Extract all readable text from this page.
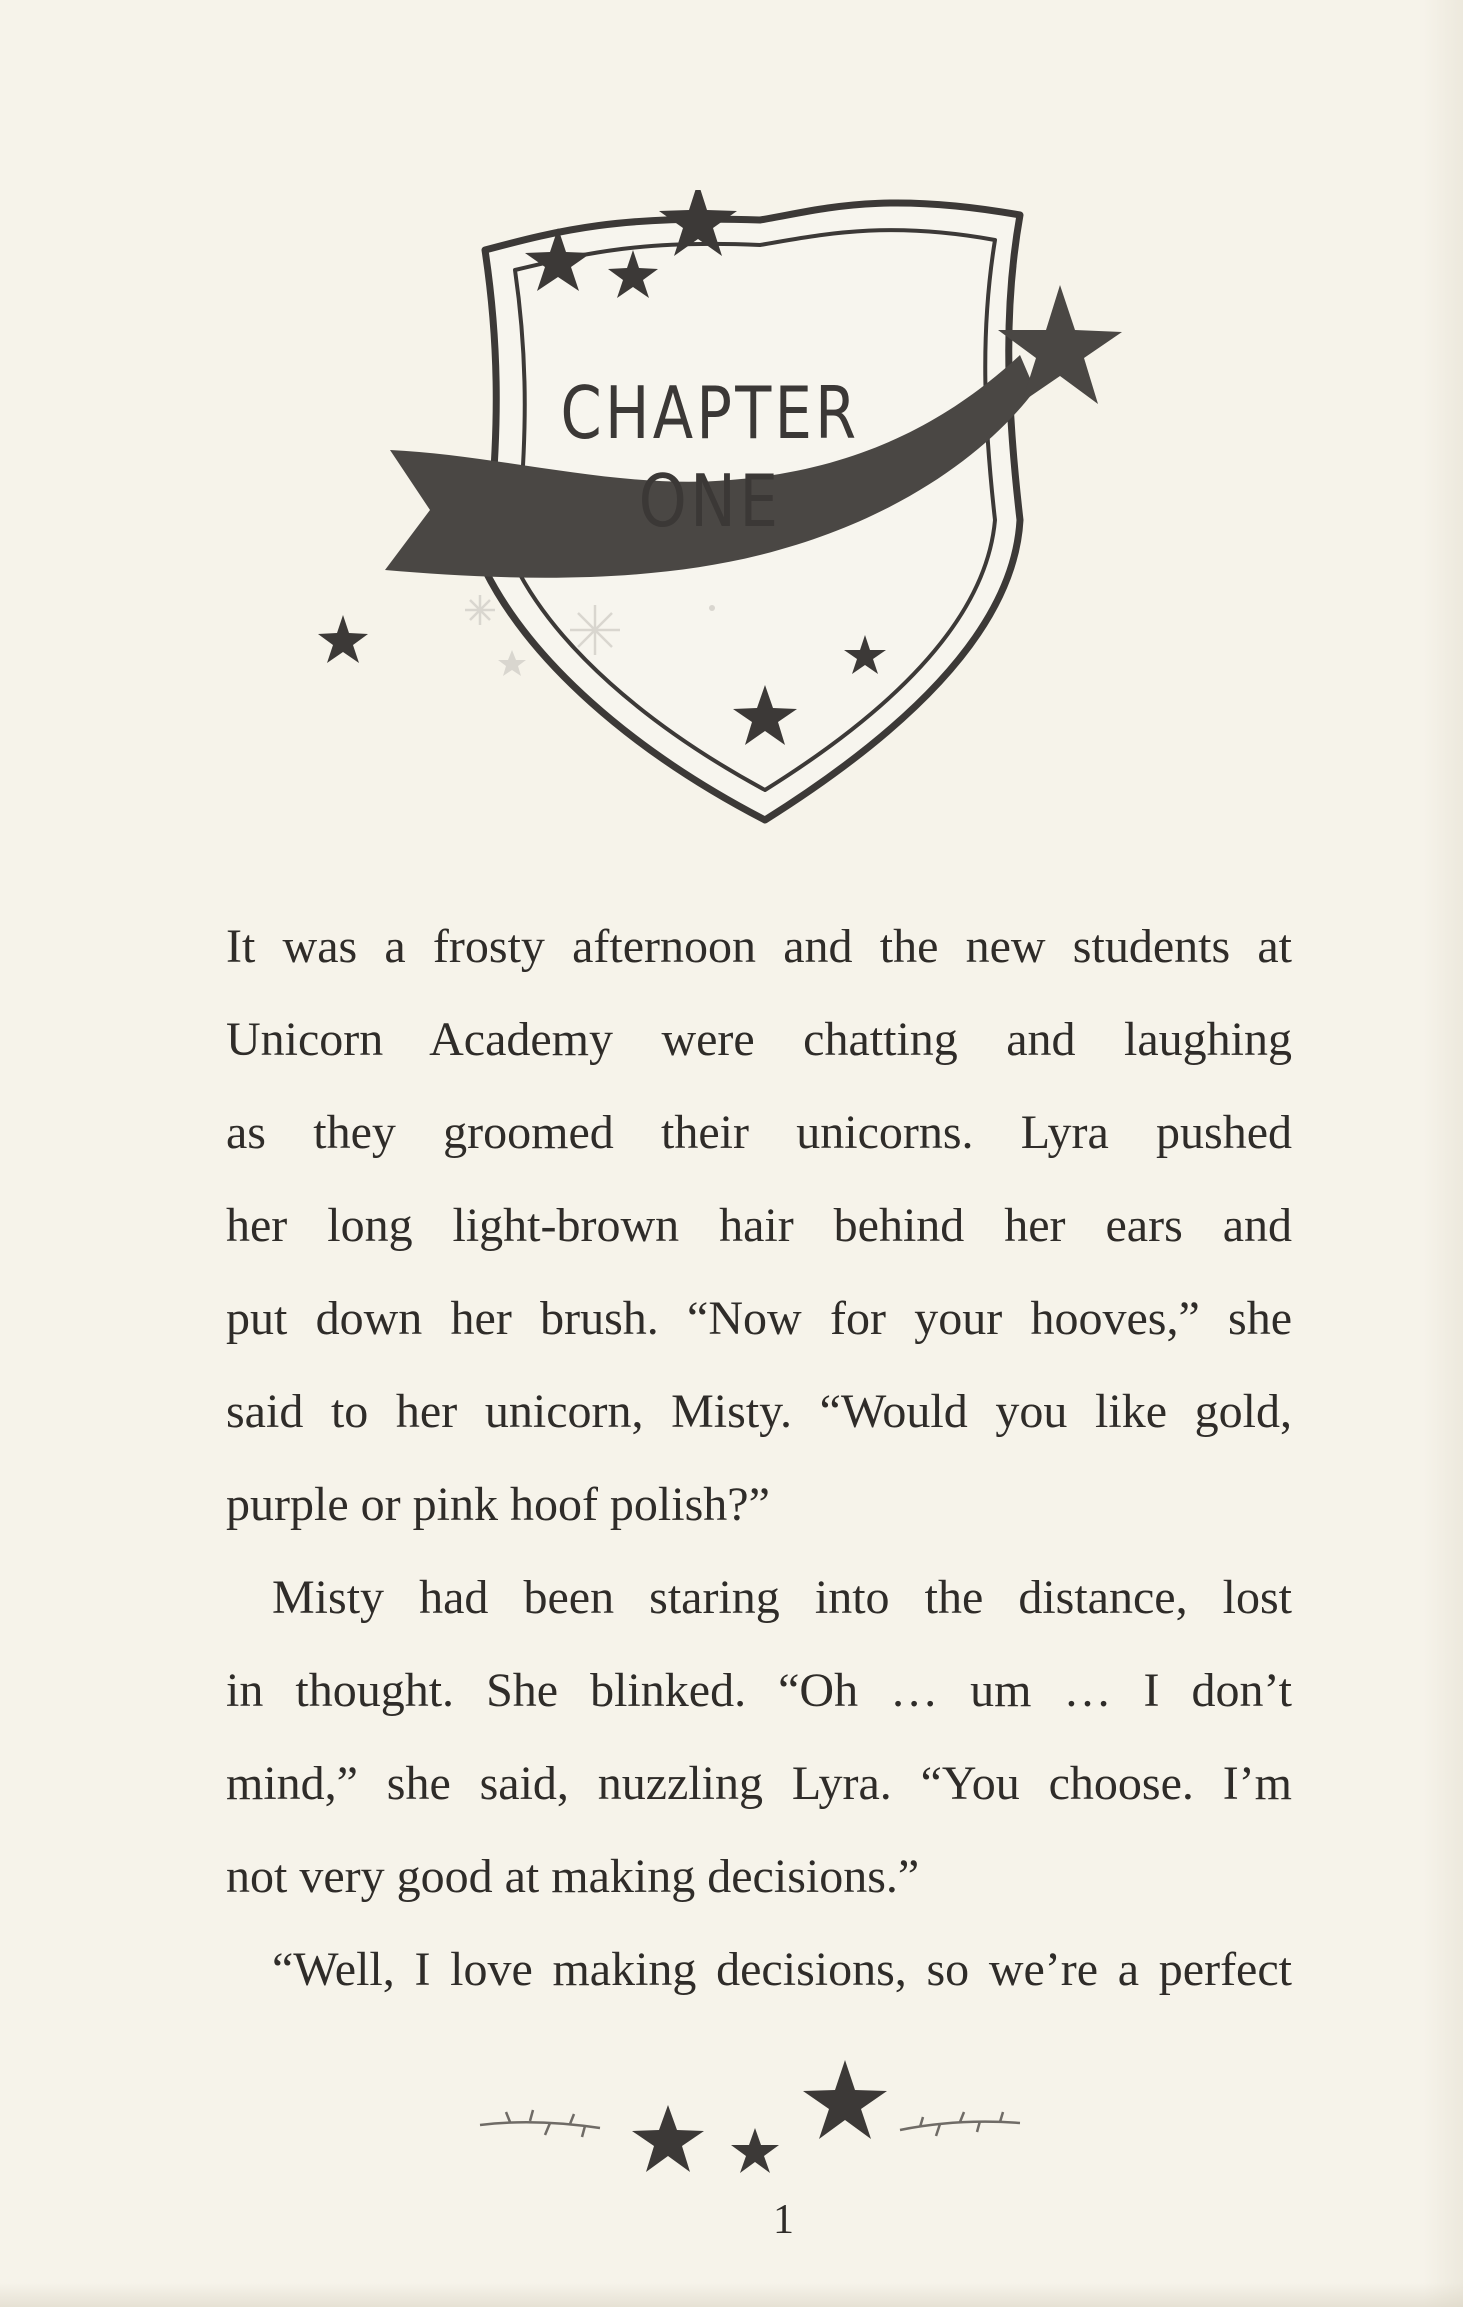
CHAPTER
ONE

It was a frosty afternoon and the new students at
Unicorn Academy were chatting and laughing
as they groomed their unicorns. Lyra pushed
her long light-brown hair behind her ears and
put down her brush. “Now for your hooves,” she
said to her unicorn, Misty. “Would you like gold,
purple or pink hoof polish?”

Misty had been staring into the distance, lost
in thought. She blinked. “Oh … um … I don’t
mind,” she said, nuzzling Lyra. “You choose. I’m
not very good at making decisions.”

“Well, I love making decisions, so we’re a perfect

1
